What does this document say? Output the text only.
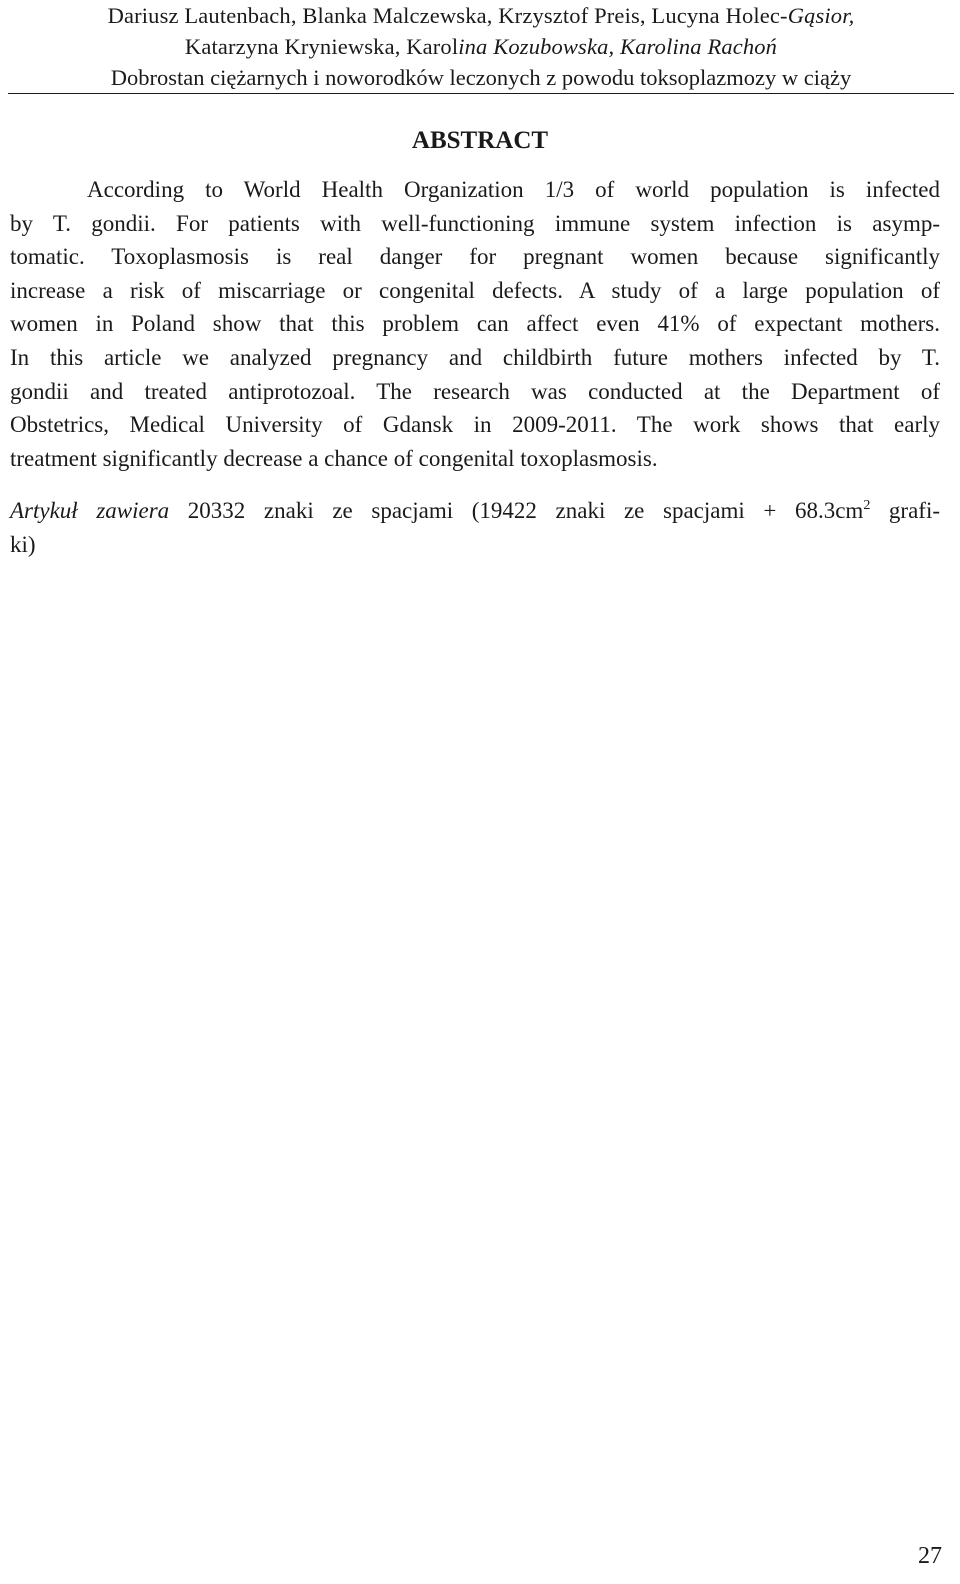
Dariusz Lautenbach, Blanka Malczewska, Krzysztof Preis, Lucyna Holec-Gąsior,
Katarzyna Kryniewska, Karolina Kozubowska, Karolina Rachoń
Dobrostan ciężarnych i noworodków leczonych z powodu toksoplazmozy w ciąży
ABSTRACT
According to World Health Organization 1/3 of world population is infected
by T. gondii. For patients with well-functioning immune system infection is asymp-
tomatic. Toxoplasmosis is real danger for pregnant women because significantly
increase a risk of miscarriage or congenital defects. A study of a large population of
women in Poland show that this problem can affect even 41% of expectant mothers.
In this article we analyzed pregnancy and childbirth future mothers infected by T.
gondii and treated antiprotozoal. The research was conducted at the Department of
Obstetrics, Medical University of Gdansk in 2009-2011. The work shows that early
treatment significantly decrease a chance of congenital toxoplasmosis.
Artykuł zawiera 20332 znaki ze spacjami (19422 znaki ze spacjami + $68.3cm^2$ grafi-
ki)
27
